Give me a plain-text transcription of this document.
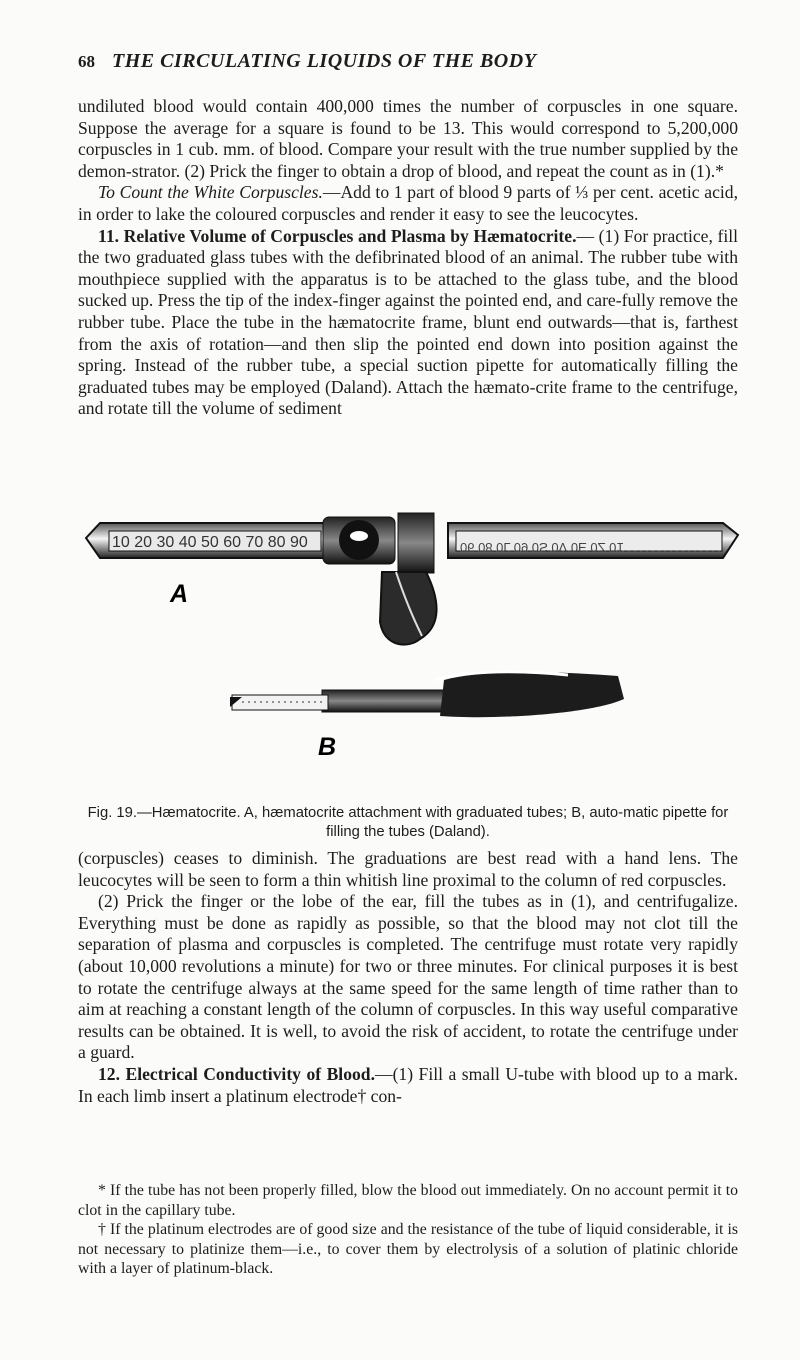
68 THE CIRCULATING LIQUIDS OF THE BODY

undiluted blood would contain 400,000 times the number of corpuscles in one square. Suppose the average for a square is found to be 13. This would correspond to 5,200,000 corpuscles in 1 cub. mm. of blood. Compare your result with the true number supplied by the demon-strator. (2) Prick the finger to obtain a drop of blood, and repeat the count as in (1).*

To Count the White Corpuscles.—Add to 1 part of blood 9 parts of ⅓ per cent. acetic acid, in order to lake the coloured corpuscles and render it easy to see the leucocytes.

11. Relative Volume of Corpuscles and Plasma by Hæmatocrite.— (1) For practice, fill the two graduated glass tubes with the defibrinated blood of an animal. The rubber tube with mouthpiece supplied with the apparatus is to be attached to the glass tube, and the blood sucked up. Press the tip of the index-finger against the pointed end, and care-fully remove the rubber tube. Place the tube in the hæmatocrite frame, blunt end outwards—that is, farthest from the axis of rotation—and then slip the pointed end down into position against the spring. Instead of the rubber tube, a special suction pipette for automatically filling the graduated tubes may be employed (Daland). Attach the hæmato-crite frame to the centrifuge, and rotate till the volume of sediment

10 20 30 40 50 60 70 80 90	06 08 0L 09 0S 0V 0E 0Z 01
A
B
Fig. 19.—Hæmatocrite. A, hæmatocrite attachment with graduated tubes; B, auto-matic pipette for filling the tubes (Daland).

(corpuscles) ceases to diminish. The graduations are best read with a hand lens. The leucocytes will be seen to form a thin whitish line proximal to the column of red corpuscles.

(2) Prick the finger or the lobe of the ear, fill the tubes as in (1), and centrifugalize. Everything must be done as rapidly as possible, so that the blood may not clot till the separation of plasma and corpuscles is completed. The centrifuge must rotate very rapidly (about 10,000 revolutions a minute) for two or three minutes. For clinical purposes it is best to rotate the centrifuge always at the same speed for the same length of time rather than to aim at reaching a constant length of the column of corpuscles. In this way useful comparative results can be obtained. It is well, to avoid the risk of accident, to rotate the centrifuge under a guard.

12. Electrical Conductivity of Blood.—(1) Fill a small U-tube with blood up to a mark. In each limb insert a platinum electrode† con-

* If the tube has not been properly filled, blow the blood out immediately. On no account permit it to clot in the capillary tube.

† If the platinum electrodes are of good size and the resistance of the tube of liquid considerable, it is not necessary to platinize them—i.e., to cover them by electrolysis of a solution of platinic chloride with a layer of platinum-black.
